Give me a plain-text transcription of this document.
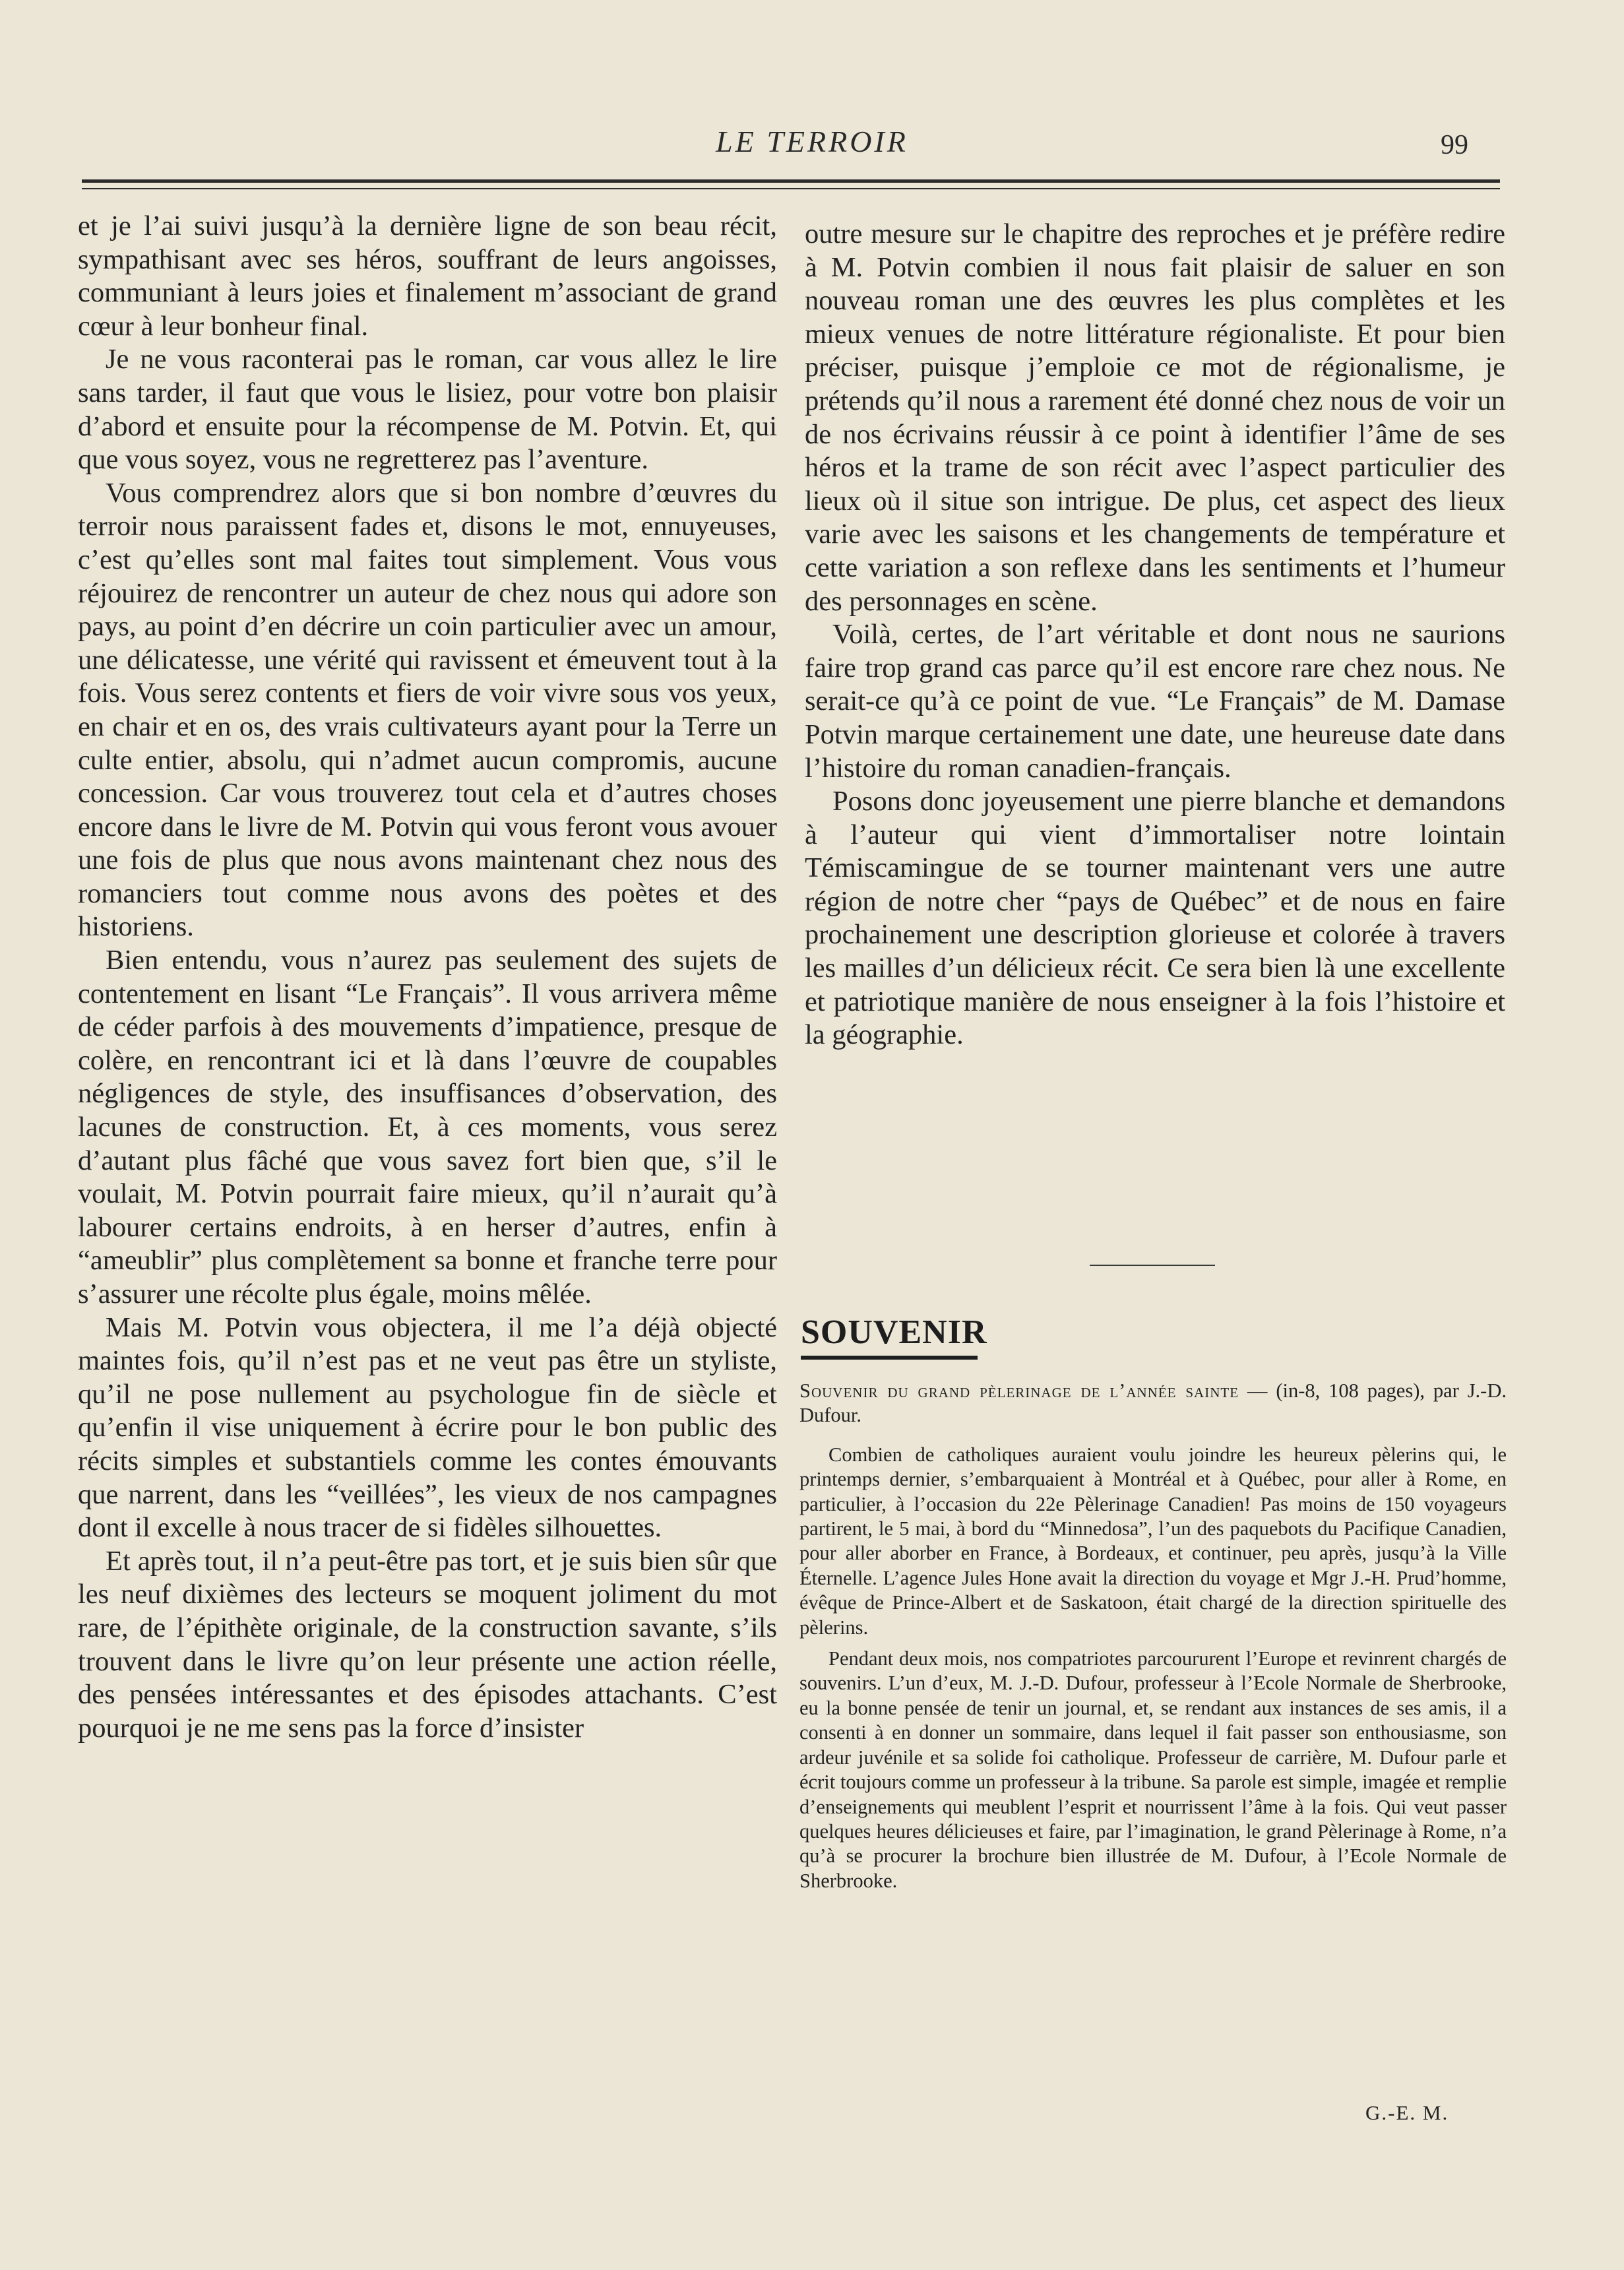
LE TERROIR	99

et je l’ai suivi jusqu’à la dernière ligne de son beau récit, sympathisant avec ses héros, souffrant de leurs angoisses, communiant à leurs joies et finalement m’associant de grand cœur à leur bonheur final.

Je ne vous raconterai pas le roman, car vous allez le lire sans tarder, il faut que vous le lisiez, pour votre bon plaisir d’abord et ensuite pour la récompense de M. Potvin. Et, qui que vous soyez, vous ne regretterez pas l’aventure.

Vous comprendrez alors que si bon nombre d’œuvres du terroir nous paraissent fades et, disons le mot, ennuyeuses, c’est qu’elles sont mal faites tout simplement. Vous vous réjouirez de rencontrer un auteur de chez nous qui adore son pays, au point d’en décrire un coin particulier avec un amour, une délicatesse, une vérité qui ravissent et émeuvent tout à la fois. Vous serez contents et fiers de voir vivre sous vos yeux, en chair et en os, des vrais cultivateurs ayant pour la Terre un culte entier, absolu, qui n’admet aucun compromis, aucune concession. Car vous trouverez tout cela et d’autres choses encore dans le livre de M. Potvin qui vous feront vous avouer une fois de plus que nous avons maintenant chez nous des romanciers tout comme nous avons des poètes et des historiens.

Bien entendu, vous n’aurez pas seulement des sujets de contentement en lisant “Le Français”. Il vous arrivera même de céder parfois à des mouvements d’impatience, presque de colère, en rencontrant ici et là dans l’œuvre de coupables négligences de style, des insuffisances d’observation, des lacunes de construction. Et, à ces moments, vous serez d’autant plus fâché que vous savez fort bien que, s’il le voulait, M. Potvin pourrait faire mieux, qu’il n’aurait qu’à labourer certains endroits, à en herser d’autres, enfin à “ameublir” plus complètement sa bonne et franche terre pour s’assurer une récolte plus égale, moins mêlée.

Mais M. Potvin vous objectera, il me l’a déjà objecté maintes fois, qu’il n’est pas et ne veut pas être un styliste, qu’il ne pose nullement au psychologue fin de siècle et qu’enfin il vise uniquement à écrire pour le bon public des récits simples et substantiels comme les contes émouvants que narrent, dans les “veillées”, les vieux de nos campagnes dont il excelle à nous tracer de si fidèles silhouettes.

Et après tout, il n’a peut-être pas tort, et je suis bien sûr que les neuf dixièmes des lecteurs se moquent joliment du mot rare, de l’épithète originale, de la construction savante, s’ils trouvent dans le livre qu’on leur présente une action réelle, des pensées intéressantes et des épisodes attachants. C’est pourquoi je ne me sens pas la force d’insister

outre mesure sur le chapitre des reproches et je préfère redire à M. Potvin combien il nous fait plaisir de saluer en son nouveau roman une des œuvres les plus complètes et les mieux venues de notre littérature régionaliste. Et pour bien préciser, puisque j’emploie ce mot de régionalisme, je prétends qu’il nous a rarement été donné chez nous de voir un de nos écrivains réussir à ce point à identifier l’âme de ses héros et la trame de son récit avec l’aspect particulier des lieux où il situe son intrigue. De plus, cet aspect des lieux varie avec les saisons et les changements de température et cette variation a son reflexe dans les sentiments et l’humeur des personnages en scène.

Voilà, certes, de l’art véritable et dont nous ne saurions faire trop grand cas parce qu’il est encore rare chez nous. Ne serait-ce qu’à ce point de vue. “Le Français” de M. Damase Potvin marque certainement une date, une heureuse date dans l’histoire du roman canadien-français.

Posons donc joyeusement une pierre blanche et demandons à l’auteur qui vient d’immortaliser notre lointain Témiscamingue de se tourner maintenant vers une autre région de notre cher “pays de Québec” et de nous en faire prochainement une description glorieuse et colorée à travers les mailles d’un délicieux récit. Ce sera bien là une excellente et patriotique manière de nous enseigner à la fois l’histoire et la géographie.

SOUVENIR

Souvenir du grand pèlerinage de l’année sainte — (in-8, 108 pages), par J.-D. Dufour.

Combien de catholiques auraient voulu joindre les heureux pèlerins qui, le printemps dernier, s’embarquaient à Montréal et à Québec, pour aller à Rome, en particulier, à l’occasion du 22e Pèlerinage Canadien! Pas moins de 150 voyageurs partirent, le 5 mai, à bord du “Minnedosa”, l’un des paquebots du Pacifique Canadien, pour aller aborber en France, à Bordeaux, et continuer, peu après, jusqu’à la Ville Éternelle. L’agence Jules Hone avait la direction du voyage et Mgr J.-H. Prud’homme, évêque de Prince-Albert et de Saskatoon, était chargé de la direction spirituelle des pèlerins.

Pendant deux mois, nos compatriotes parcoururent l’Europe et revinrent chargés de souvenirs. L’un d’eux, M. J.-D. Dufour, professeur à l’Ecole Normale de Sherbrooke, eu la bonne pensée de tenir un journal, et, se rendant aux instances de ses amis, il a consenti à en donner un sommaire, dans lequel il fait passer son enthousiasme, son ardeur juvénile et sa solide foi catholique. Professeur de carrière, M. Dufour parle et écrit toujours comme un professeur à la tribune. Sa parole est simple, imagée et remplie d’enseignements qui meublent l’esprit et nourrissent l’âme à la fois. Qui veut passer quelques heures délicieuses et faire, par l’imagination, le grand Pèlerinage à Rome, n’a qu’à se procurer la brochure bien illustrée de M. Dufour, à l’Ecole Normale de Sherbrooke.

G.-E. M.
